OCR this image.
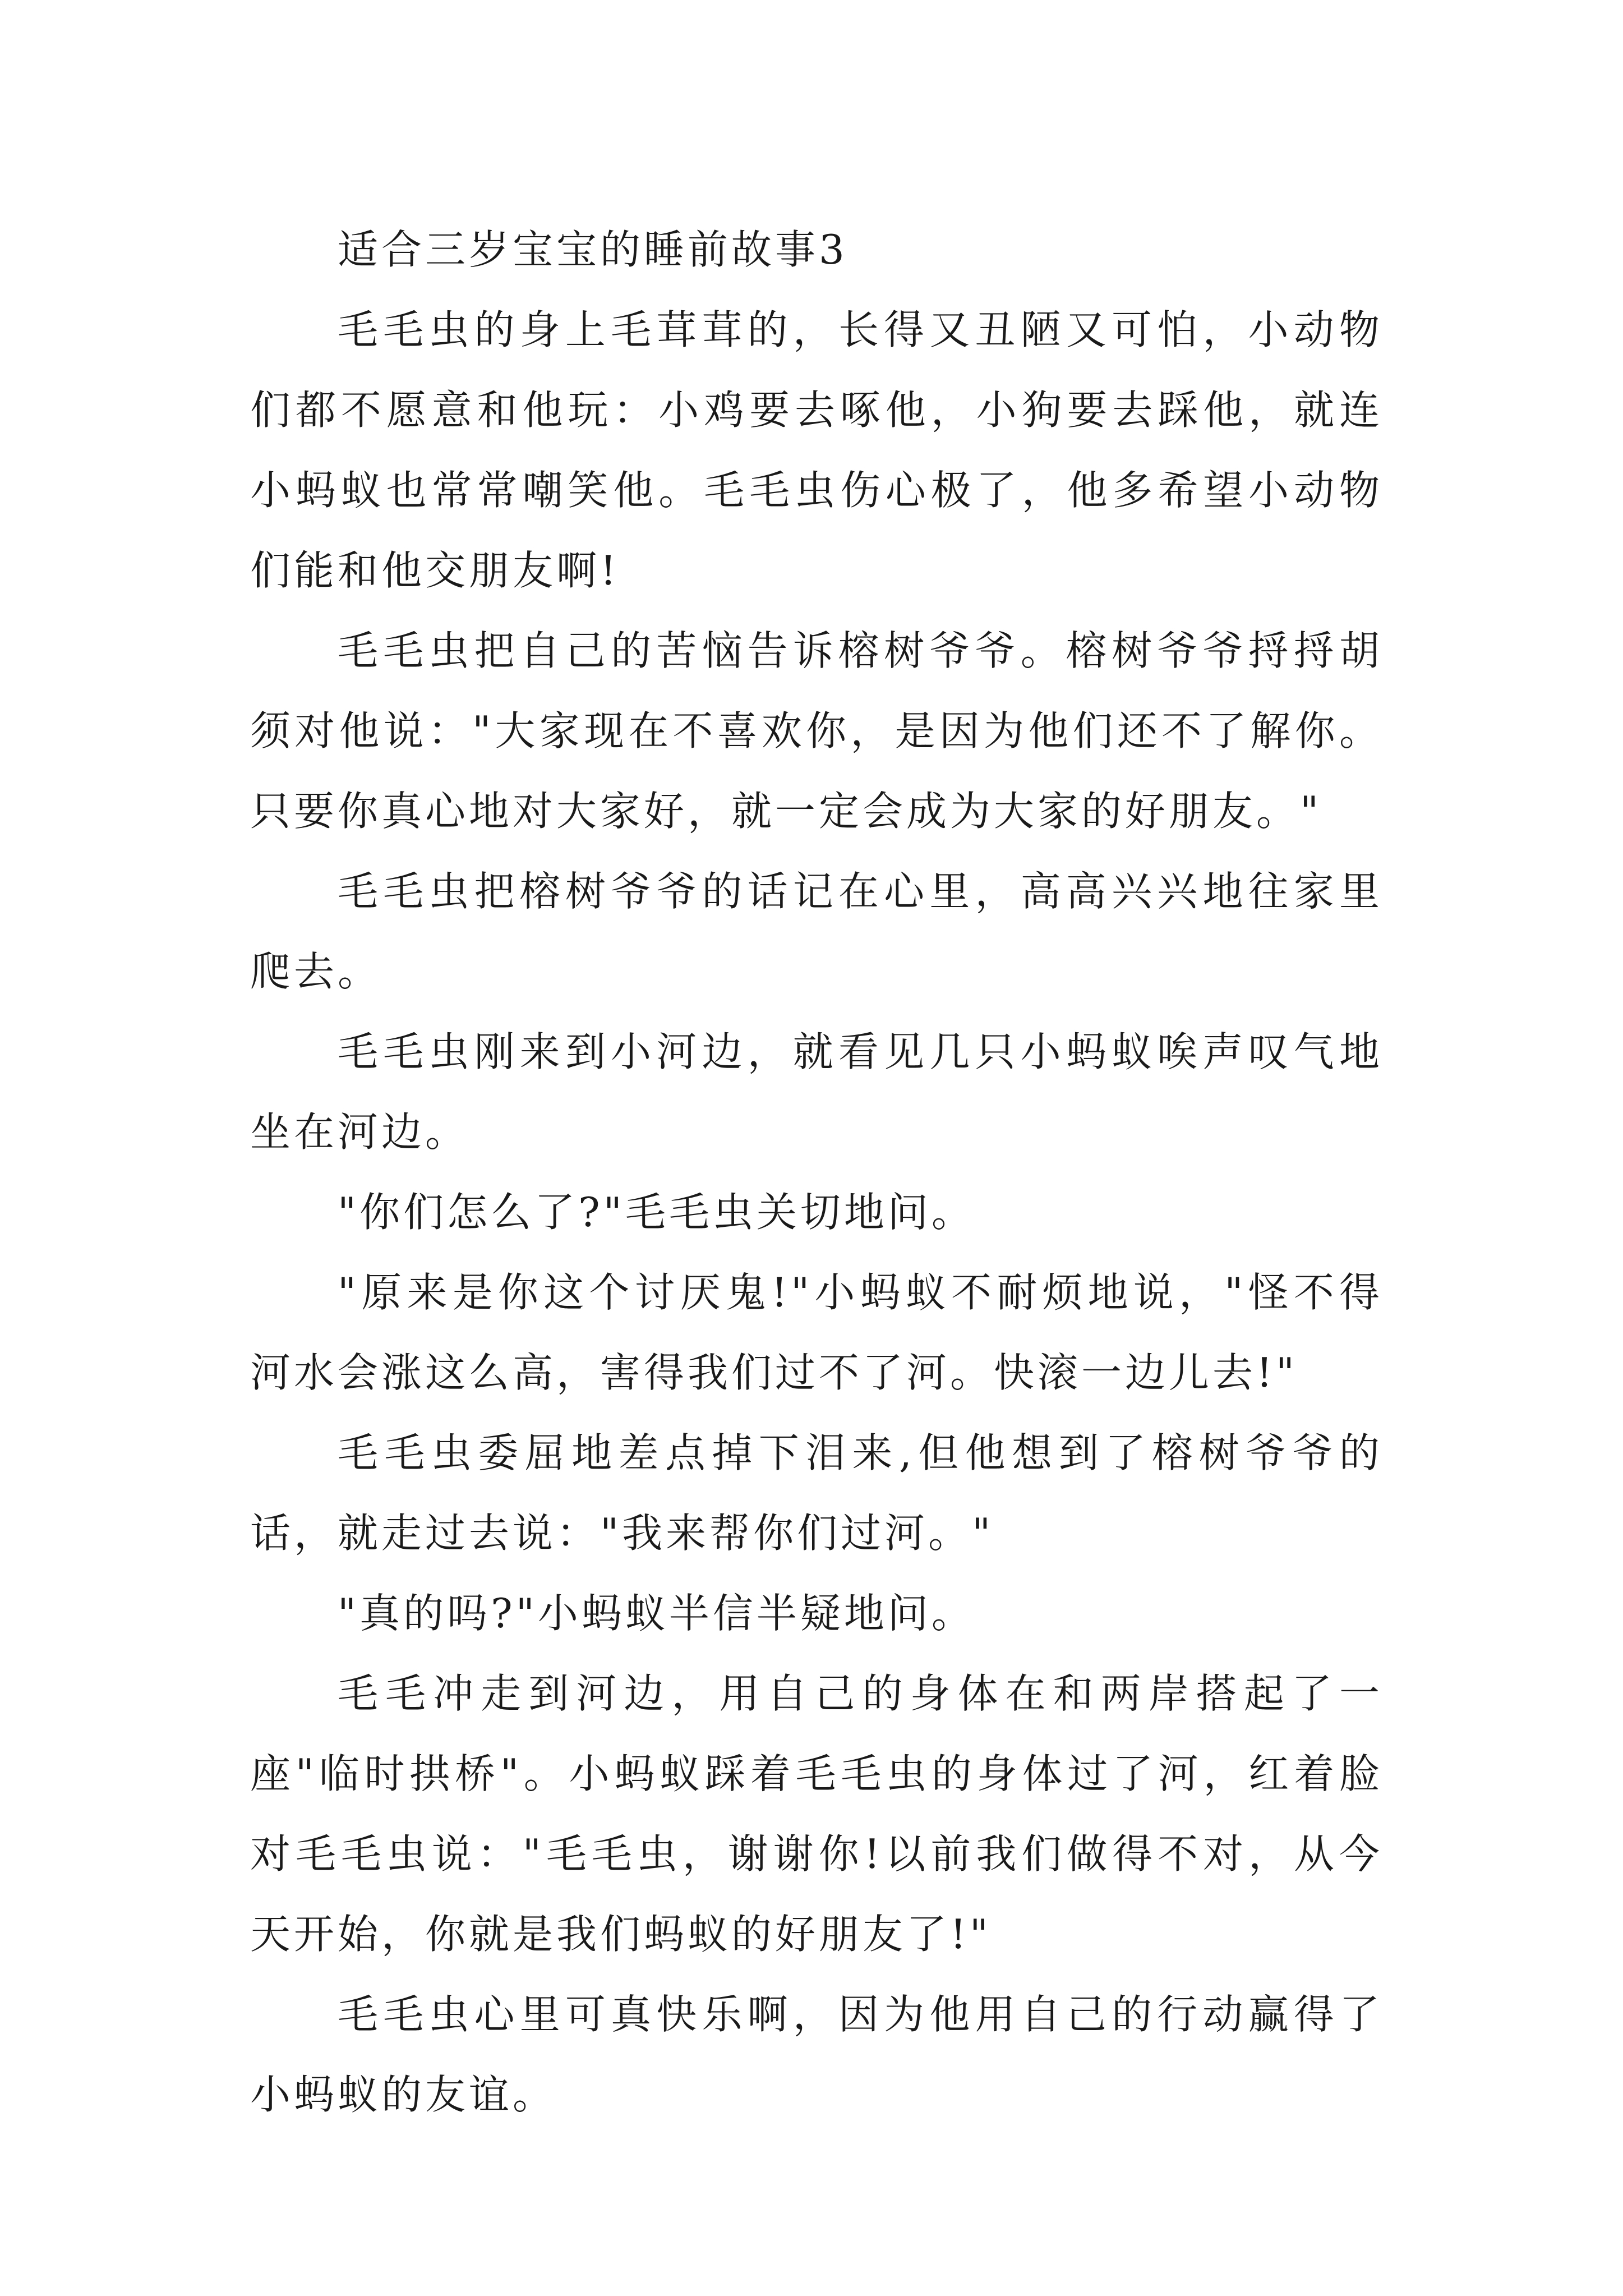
适合三岁宝宝的睡前故事3

毛毛虫的身上毛茸茸的，长得又丑陋又可怕，小动物们都不愿意和他玩：小鸡要去啄他，小狗要去踩他，就连小蚂蚁也常常嘲笑他。毛毛虫伤心极了，他多希望小动物们能和他交朋友啊!

毛毛虫把自己的苦恼告诉榕树爷爷。榕树爷爷捋捋胡须对他说："大家现在不喜欢你，是因为他们还不了解你。只要你真心地对大家好，就一定会成为大家的好朋友。"

毛毛虫把榕树爷爷的话记在心里，高高兴兴地往家里爬去。

毛毛虫刚来到小河边，就看见几只小蚂蚁唉声叹气地坐在河边。

"你们怎么了?"毛毛虫关切地问。

"原来是你这个讨厌鬼!"小蚂蚁不耐烦地说，"怪不得河水会涨这么高，害得我们过不了河。快滚一边儿去!"

毛毛虫委屈地差点掉下泪来,但他想到了榕树爷爷的话，就走过去说："我来帮你们过河。"

"真的吗?"小蚂蚁半信半疑地问。

毛毛冲走到河边，用自己的身体在和两岸搭起了一座"临时拱桥"。小蚂蚁踩着毛毛虫的身体过了河，红着脸对毛毛虫说："毛毛虫，谢谢你!以前我们做得不对，从今天开始，你就是我们蚂蚁的好朋友了!"

毛毛虫心里可真快乐啊，因为他用自己的行动赢得了小蚂蚁的友谊。
